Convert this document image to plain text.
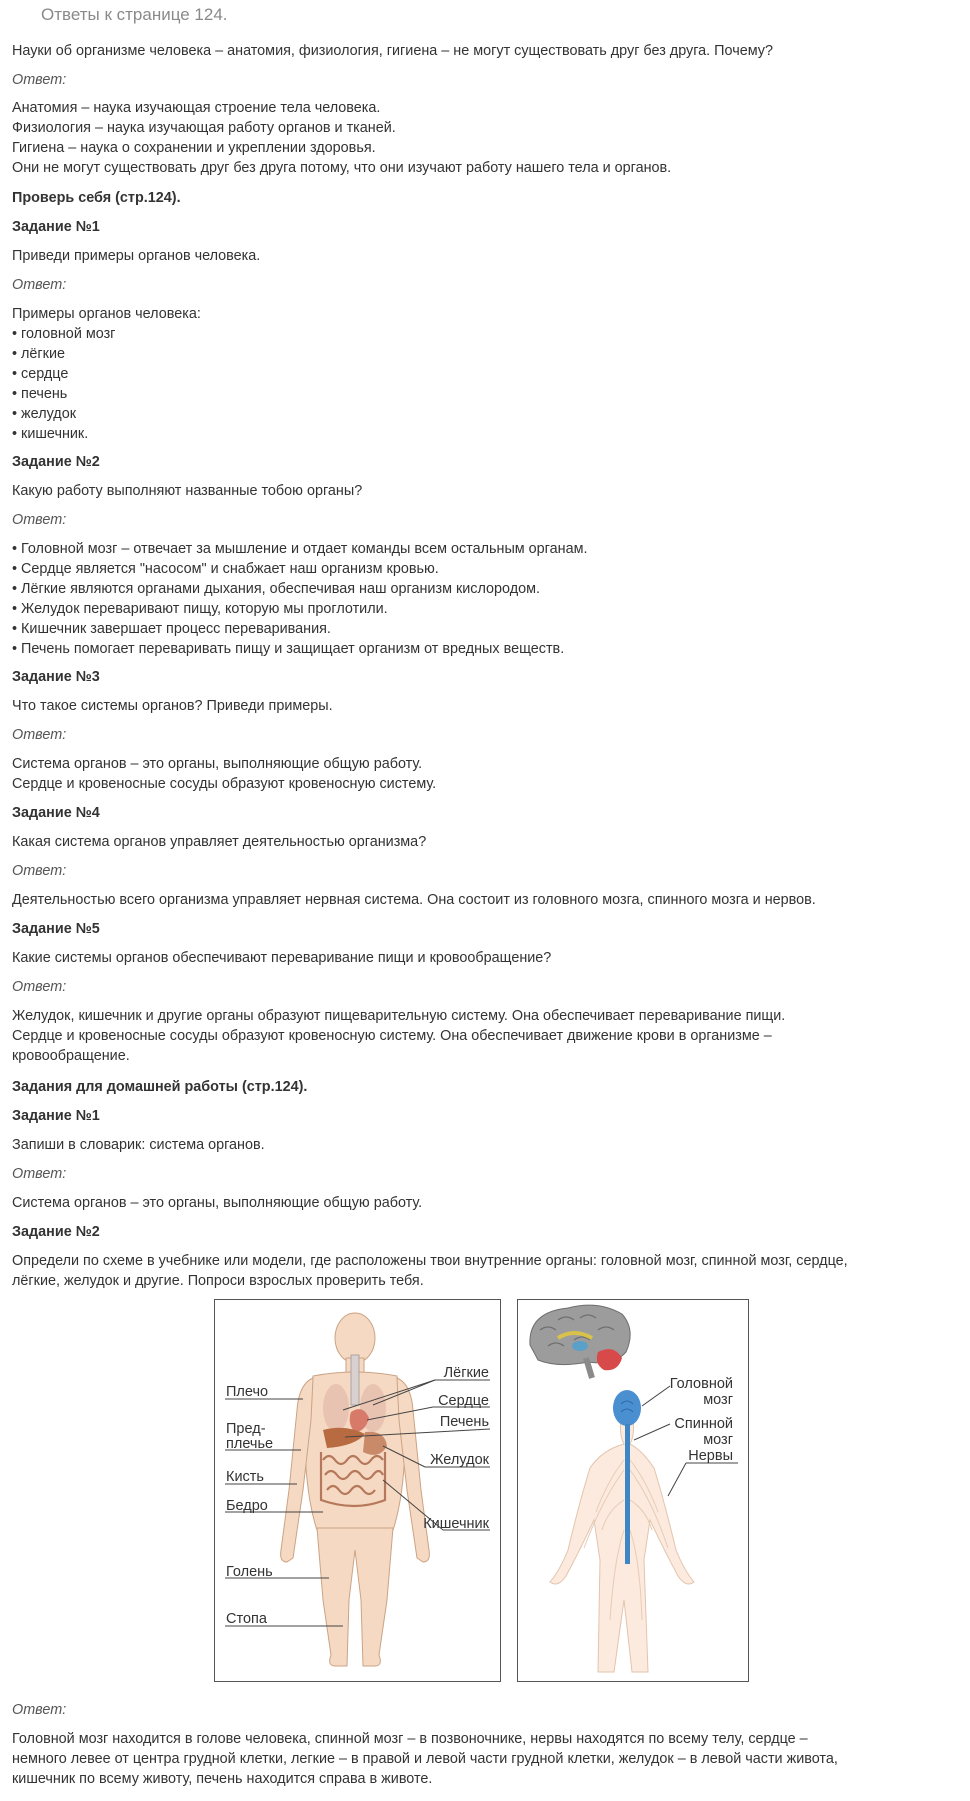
Ответы к странице 124.
Науки об организме человека – анатомия, физиология, гигиена – не могут существовать друг без друга. Почему?
Ответ:
Анатомия – наука изучающая строение тела человека.
Физиология – наука изучающая работу органов и тканей.
Гигиена – наука о сохранении и укреплении здоровья.
Они не могут существовать друг без друга потому, что они изучают работу нашего тела и органов.
Проверь себя (стр.124).
Задание №1
Приведи примеры органов человека.
Ответ:
Примеры органов человека:
• головной мозг
• лёгкие
• сердце
• печень
• желудок
• кишечник.
Задание №2
Какую работу выполняют названные тобою органы?
Ответ:
• Головной мозг – отвечает за мышление и отдает команды всем остальным органам.
• Сердце является "насосом" и снабжает наш организм кровью.
• Лёгкие являются органами дыхания, обеспечивая наш организм кислородом.
• Желудок переваривают пищу, которую мы проглотили.
• Кишечник завершает процесс переваривания.
• Печень помогает переваривать пищу и защищает организм от вредных веществ.
Задание №3
Что такое системы органов? Приведи примеры.
Ответ:
Система органов – это органы, выполняющие общую работу.
Сердце и кровеносные сосуды образуют кровеносную систему.
Задание №4
Какая система органов управляет деятельностью организма?
Ответ:
Деятельностью всего организма управляет нервная система. Она состоит из головного мозга, спинного мозга и нервов.
Задание №5
Какие системы органов обеспечивают переваривание пищи и кровообращение?
Ответ:
Желудок, кишечник и другие органы образуют пищеварительную систему. Она обеспечивает переваривание пищи.
Сердце и кровеносные сосуды образуют кровеносную систему. Она обеспечивает движение крови в организме –
кровообращение.
Задания для домашней работы (стр.124).
Задание №1
Запиши в словарик: система органов.
Ответ:
Система органов – это органы, выполняющие общую работу.
Задание №2
Определи по схеме в учебнике или модели, где расположены твои внутренние органы: головной мозг, спинной мозг, сердце,
лёгкие, желудок и другие. Попроси взрослых проверить тебя.
Плечо
Пред-
плечье
Кисть
Бедро
Голень
Стопа
Лёгкие
Сердце
Печень
Желудок
Кишечник
Головной
мозг
Спинной
мозг
Нервы
Ответ:
Головной мозг находится в голове человека, спинной мозг – в позвоночнике, нервы находятся по всему телу, сердце –
немного левее от центра грудной клетки, легкие – в правой и левой части грудной клетки, желудок – в левой части живота,
кишечник по всему животу, печень находится справа в животе.
